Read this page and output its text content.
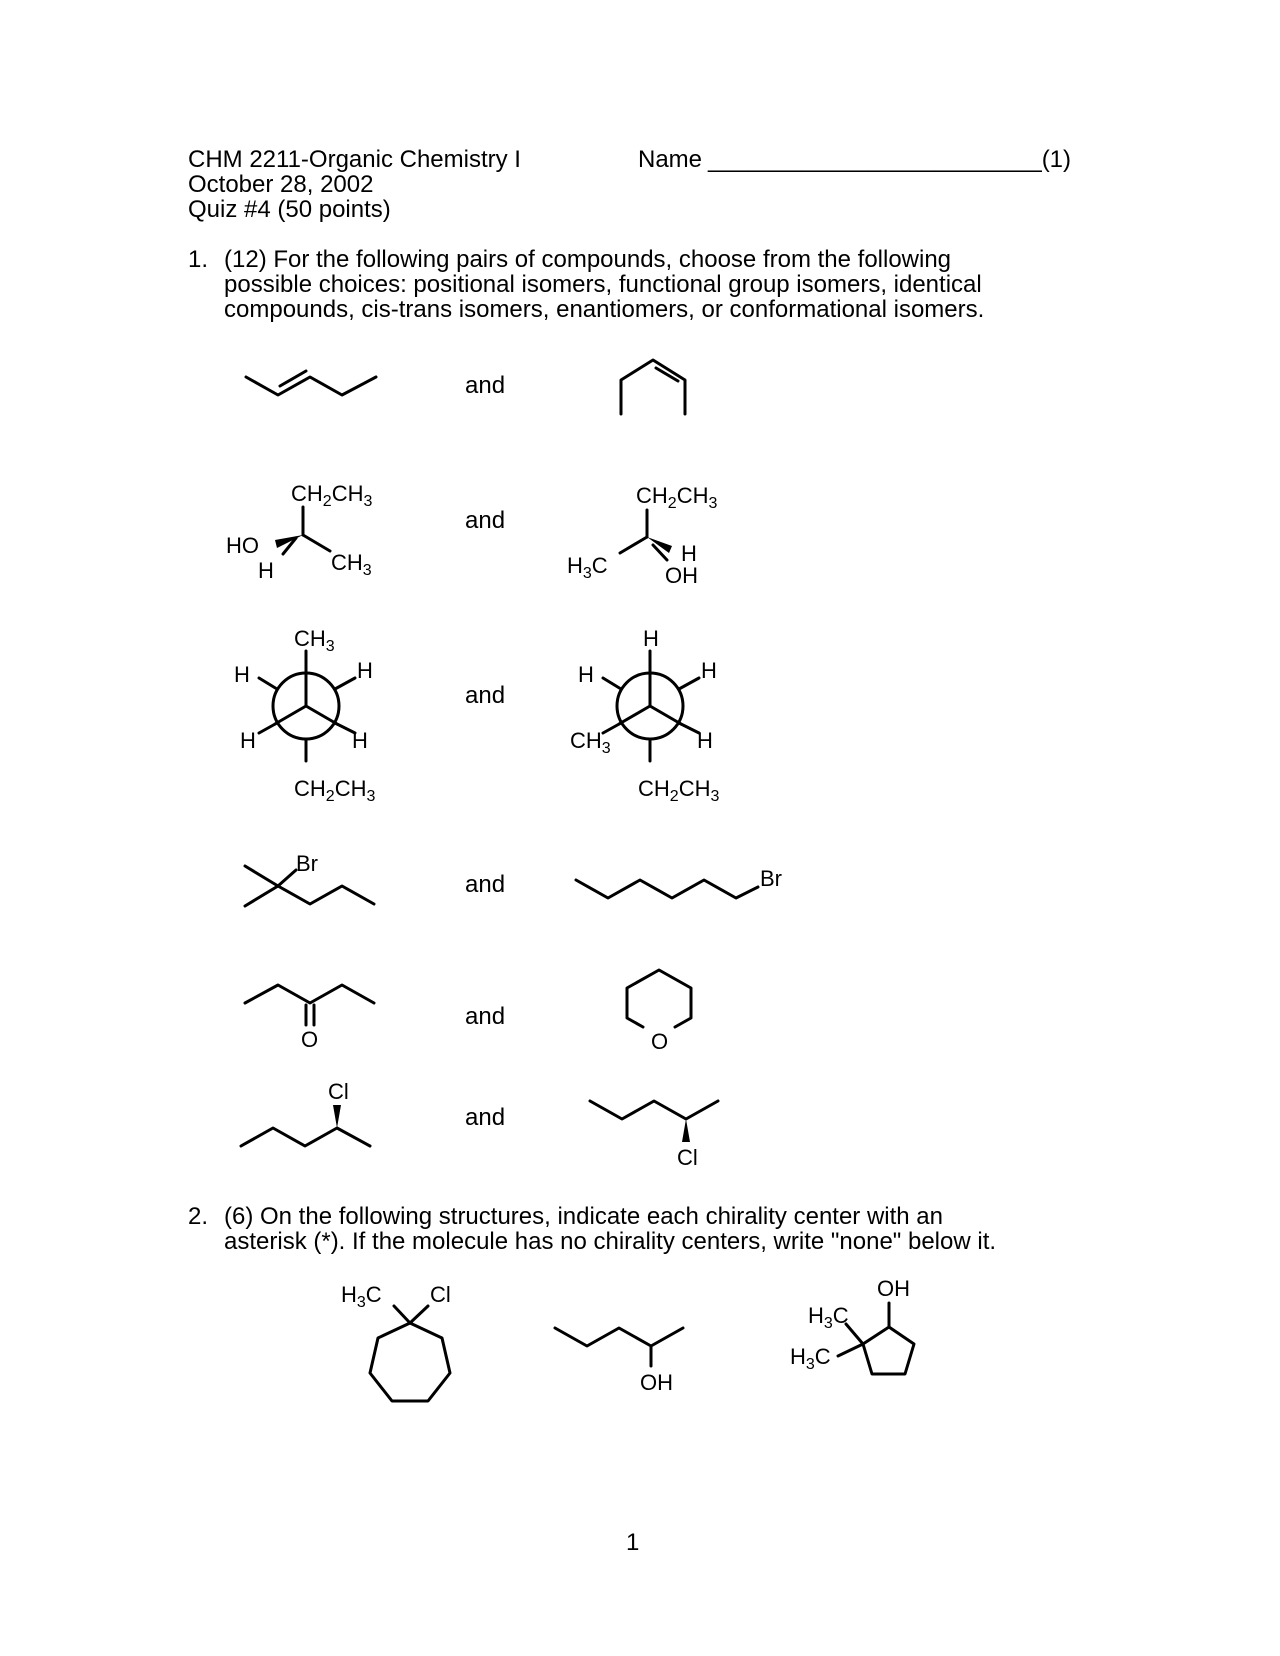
CHM 2211-Organic Chemistry I
October 28, 2002
Quiz #4 (50 points)
Name _________________________(1)
1. (12) For the following pairs of compounds, choose from the following possible choices: positional isomers, functional group isomers, identical compounds, cis-trans isomers, enantiomers, or conformational isomers.
and
and
and
and
and
and
$CH_2CH_3$
HO
H	$CH_3$
$CH_2CH_3$
$H_3C$	H
OH
$CH_3$
H	H
H	H
$CH_2CH_3$
H
H	H
$CH_3$	H
$CH_2CH_3$
Br
Br
O	O
Cl
Cl
2. (6) On the following structures, indicate each chirality center with an asterisk (*). If the molecule has no chirality centers, write "none" below it.
$H_3C$ Cl
OH
OH
$H_3C$
$H_3C$
1
